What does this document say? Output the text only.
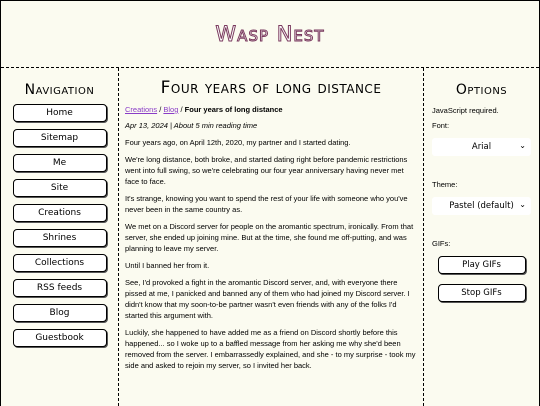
Wasp Nest
Navigation
Home
Sitemap
Me
Site
Creations
Shrines
Collections
RSS feeds
Blog
Guestbook
Four years of long distance
Creations / Blog / Four years of long distance
Apr 13, 2024 | About 5 min reading time

Four years ago, on April 12th, 2020, my partner and I started dating.

We're long distance, both broke, and started dating right before pandemic restrictions went into full swing, so we're celebrating our four year anniversary having never met face to face.

It's strange, knowing you want to spend the rest of your life with someone who you've never been in the same country as.

We met on a Discord server for people on the aromantic spectrum, ironically. From that server, she ended up joining mine. But at the time, she found me off-putting, and was planning to leave my server.

Until I banned her from it.

See, I'd provoked a fight in the aromantic Discord server, and, with everyone there pissed at me, I panicked and banned any of them who had joined my Discord server. I didn't know that my soon-to-be partner wasn't even friends with any of the folks I'd started this argument with.

Luckily, she happened to have added me as a friend on Discord shortly before this happened... so I woke up to a baffled message from her asking me why she'd been removed from the server. I embarrassedly explained, and she - to my surprise - took my side and asked to rejoin my server, so I invited her back.

Options
JavaScript required.
Font:
Arial	⌄
Theme:
Pastel (default) ⌄
GIFs:
Play GIFs
Stop GIFs
